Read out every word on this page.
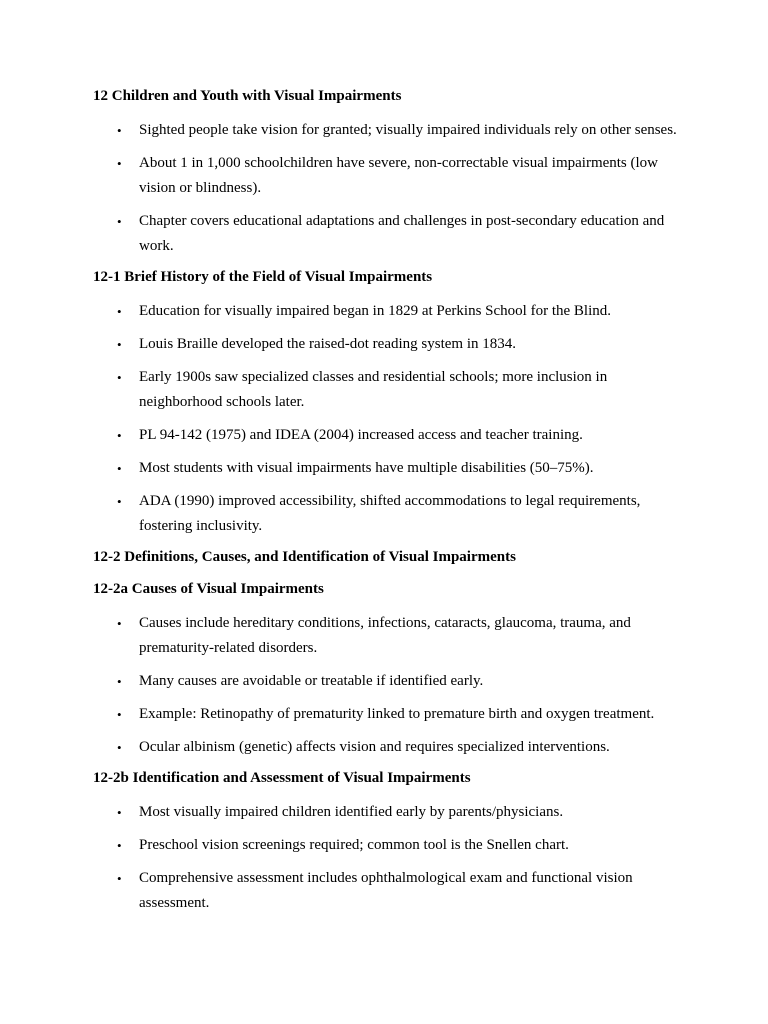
12 Children and Youth with Visual Impairments

• Sighted people take vision for granted; visually impaired individuals rely on other senses.
• About 1 in 1,000 schoolchildren have severe, non-correctable visual impairments (low vision or blindness).
• Chapter covers educational adaptations and challenges in post-secondary education and work.

12-1 Brief History of the Field of Visual Impairments

• Education for visually impaired began in 1829 at Perkins School for the Blind.
• Louis Braille developed the raised-dot reading system in 1834.
• Early 1900s saw specialized classes and residential schools; more inclusion in neighborhood schools later.
• PL 94-142 (1975) and IDEA (2004) increased access and teacher training.
• Most students with visual impairments have multiple disabilities (50–75%).
• ADA (1990) improved accessibility, shifted accommodations to legal requirements, fostering inclusivity.

12-2 Definitions, Causes, and Identification of Visual Impairments

12-2a Causes of Visual Impairments

• Causes include hereditary conditions, infections, cataracts, glaucoma, trauma, and prematurity-related disorders.
• Many causes are avoidable or treatable if identified early.
• Example: Retinopathy of prematurity linked to premature birth and oxygen treatment.
• Ocular albinism (genetic) affects vision and requires specialized interventions.

12-2b Identification and Assessment of Visual Impairments

• Most visually impaired children identified early by parents/physicians.
• Preschool vision screenings required; common tool is the Snellen chart.
• Comprehensive assessment includes ophthalmological exam and functional vision assessment.
